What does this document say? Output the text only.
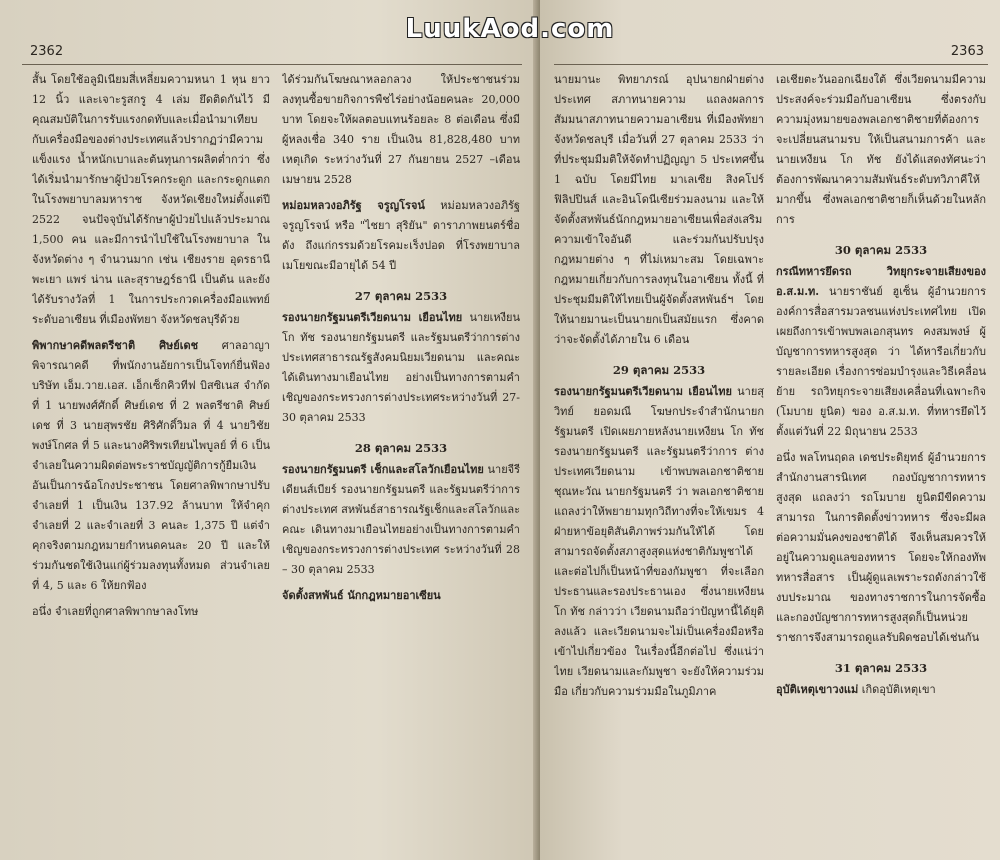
2362

สั้น โดยใช้อลูมิเนียมสี่เหลี่ยมความหนา 1 หุน ยาว 12 นิ้ว และเจาะรูสกรู 4 เล่ม ยึดติดกันไว้ มีคุณสมบัติในการรับแรงกดทับและเมื่อนำมาเทียบ กับเครื่องมือของต่างประเทศแล้วปรากฏว่ามีความแข็งแรง น้ำหนักเบาและต้นทุนการผลิตต่ำกว่า ซึ่งได้เริ่มนำมารักษาผู้ป่วยโรคกระดูก และกระดูกแตก ในโรงพยาบาลมหาราช จังหวัดเชียงใหม่ตั้งแต่ปี 2522 จนปัจจุบันได้รักษาผู้ป่วยไปแล้วประมาณ 1,500 คน และมีการนำไปใช้ในโรงพยาบาล ในจังหวัดต่าง ๆ จำนวนมาก เช่น เชียงราย อุดรธานี พะเยา แพร่ น่าน และสุราษฎร์ธานี เป็นต้น และยังได้รับรางวัลที่ 1 ในการประกวดเครื่องมือแพทย์ระดับอาเซียน ที่เมืองพัทยา จังหวัดชลบุรีด้วย

พิพากษาคดีพลตรีชาติ ศิษย์เดช ศาลอาญาพิจารณาคดี ที่พนักงานอัยการเป็นโจทก์ยื่นฟ้องบริษัท เอ็ม.วาย.เอส. เอ็กเซ็กคิวทีฟ บิสซิเนส จำกัด ที่ 1 นายพงศ์ศักดิ์ ศิษย์เดช ที่ 2 พลตรีชาติ ศิษย์เดช ที่ 3 นายสุพรชัย ศิริศักดิ์วิมล ที่ 4 นายวิชัย พงษ์โกศล ที่ 5 และนางศิริพรเทียนไพบูลย์ ที่ 6 เป็นจำเลยในความผิดต่อพระราชบัญญัติการกู้ยืมเงิน อันเป็นการฉ้อโกงประชาชน โดยศาลพิพากษาปรับจำเลยที่ 1 เป็นเงิน 137.92 ล้านบาท ให้จำคุกจำเลยที่ 2 และจำเลยที่ 3 คนละ 1,375 ปี แต่จำคุกจริงตามกฎหมายกำหนดคนละ 20 ปี และให้ร่วมกันชดใช้เงินแก่ผู้ร่วมลงทุนทั้งหมด ส่วนจำเลยที่ 4, 5 และ 6 ให้ยกฟ้อง

อนึ่ง จำเลยที่ถูกศาลพิพากษาลงโทษ

ได้ร่วมกันโฆษณาหลอกลวง ให้ประชาชนร่วมลงทุนซื้อขายกิจการพืชไร่อย่างน้อยคนละ 20,000 บาท โดยจะให้ผลตอบแทนร้อยละ 8 ต่อเดือน ซึ่งมีผู้หลงเชื่อ 340 ราย เป็นเงิน 81,828,480 บาท เหตุเกิด ระหว่างวันที่ 27 กันยายน 2527 –เดือนเมษายน 2528

หม่อมหลวงอภิรัฐ จรูญโรจน์ หม่อมหลวงอภิรัฐ จรูญโรจน์ หรือ "ไชยา สุริยัน" ดาราภาพยนตร์ชื่อดัง ถึงแก่กรรมด้วยโรคมะเร็งปอด ที่โรงพยาบาลเมโยขณะมีอายุได้ 54 ปี

27 ตุลาคม 2533

รองนายกรัฐมนตรีเวียดนาม เยือนไทย นายเหงียน โก ทัช รองนายกรัฐมนตรี และรัฐมนตรีว่าการต่างประเทศสาธารณรัฐสังคมนิยมเวียดนาม และคณะ ได้เดินทางมาเยือนไทย อย่างเป็นทางการตามคำเชิญของกระทรวงการต่างประเทศระหว่างวันที่ 27-30 ตุลาคม 2533

28 ตุลาคม 2533

รองนายกรัฐมนตรี เช็กและสโลวักเยือนไทย นายจีรี เดียนส์เบียร์ รองนายกรัฐมนตรี และรัฐมนตรีว่าการต่างประเทศ สหพันธ์สาธารณรัฐเช็กและสโลวักและคณะ เดินทางมาเยือนไทยอย่างเป็นทางการตามคำเชิญของกระทรวงการต่างประเทศ ระหว่างวันที่ 28 – 30 ตุลาคม 2533

จัดตั้งสหพันธ์ นักกฎหมายอาเซียน

2363

นายมานะ พิทยาภรณ์ อุปนายกฝ่ายต่างประเทศ สภาทนายความ แถลงผลการสัมมนาสภาทนายความอาเซียน ที่เมืองพัทยา จังหวัดชลบุรี เมื่อวันที่ 27 ตุลาคม 2533 ว่า ที่ประชุมมีมติให้จัดทำปฏิญญา 5 ประเทศขึ้น 1 ฉบับ โดยมีไทย มาเลเซีย สิงคโปร์ ฟิลิปปินส์ และอินโดนีเซียร่วมลงนาม และให้จัดตั้งสหพันธ์นักกฎหมายอาเซียนเพื่อส่งเสริมความเข้าใจอันดี และร่วมกันปรับปรุงกฎหมายต่าง ๆ ที่ไม่เหมาะสม โดยเฉพาะกฎหมายเกี่ยวกับการลงทุนในอาเซียน ทั้งนี้ ที่ประชุมมีมติให้ไทยเป็นผู้จัดตั้งสหพันธ์ฯ โดยให้นายมานะเป็นนายกเป็นสมัยแรก ซึ่งคาดว่าจะจัดตั้งได้ภายใน 6 เดือน

29 ตุลาคม 2533

รองนายกรัฐมนตรีเวียดนาม เยือนไทย นายสุวิทย์ ยอดมณี โฆษกประจำสำนักนายกรัฐมนตรี เปิดเผยภายหลังนายเหงียน โก ทัช รองนายกรัฐมนตรี และรัฐมนตรีว่าการ ต่างประเทศเวียดนาม เข้าพบพลเอกชาติชาย ชุณหะวัณ นายกรัฐมนตรี ว่า พลเอกชาติชายแถลงว่าให้พยายามทุกวิถีทางที่จะให้เขมร 4 ฝ่ายหาข้อยุติสันติภาพร่วมกันให้ได้ โดยสามารถจัดตั้งสภาสูงสุดแห่งชาติกัมพูชาได้ และต่อไปก็เป็นหน้าที่ของกัมพูชา ที่จะเลือกประธานและรองประธานเอง ซึ่งนายเหงียน โก ทัช กล่าวว่า เวียดนามถือว่าปัญหานี้ได้ยุติลงแล้ว และเวียดนามจะไม่เป็นเครื่องมือหรือเข้าไปเกี่ยวข้อง ในเรื่องนี้อีกต่อไป ซึ่งแน่ว่าไทย เวียดนามและกัมพูชา จะยังให้ความร่วมมือ เกี่ยวกับความร่วมมือในภูมิภาค

เอเชียตะวันออกเฉียงใต้ ซึ่งเวียดนามมีความประสงค์จะร่วมมือกับอาเซียน ซึ่งตรงกับความมุ่งหมายของพลเอกชาติชายที่ต้องการจะเปลี่ยนสนามรบ ให้เป็นสนามการค้า และนายเหงียน โก ทัช ยังได้แสดงทัศนะว่า ต้องการพัฒนาความสัมพันธ์ระดับทวิภาคีให้มากขึ้น ซึ่งพลเอกชาติชายก็เห็นด้วยในหลักการ

30 ตุลาคม 2533

กรณีทหารยึดรถ วิทยุกระจายเสียงของ อ.ส.ม.ท. นายราชันย์ ฮูเซ็น ผู้อำนวยการ องค์การสื่อสารมวลชนแห่งประเทศไทย เปิดเผยถึงการเข้าพบพลเอกสุนทร คงสมพงษ์ ผู้บัญชาการทหารสูงสุด ว่า ได้หารือเกี่ยวกับรายละเอียด เรื่องการซ่อมบำรุงและวิธีเคลื่อนย้าย รถวิทยุกระจายเสียงเคลื่อนที่เฉพาะกิจ (โมบาย ยูนิต) ของ อ.ส.ม.ท. ที่ทหารยึดไว้ตั้งแต่วันที่ 22 มิถุนายน 2533

อนึ่ง พลโทนฤดล เดชประดิยุทธ์ ผู้อำนวยการสำนักงานสารนิเทศ กองบัญชาการทหารสูงสุด แถลงว่า รถโมบาย ยูนิตมีขีดความสามารถ ในการติดตั้งข่าวทหาร ซึ่งจะมีผลต่อความมั่นคงของชาติได้ จึงเห็นสมควรให้ อยู่ในความดูแลของทหาร โดยจะให้กองทัพทหารสื่อสาร เป็นผู้ดูแลเพราะรถดังกล่าวใช้งบประมาณ ของทางราชการในการจัดซื้อ และกองบัญชาการทหารสูงสุดก็เป็นหน่วยราชการจึงสามารถดูแลรับผิดชอบได้เช่นกัน

31 ตุลาคม 2533

อุบัติเหตุเขาวงแม่ เกิดอุบัติเหตุเขา

LuukAod.com
